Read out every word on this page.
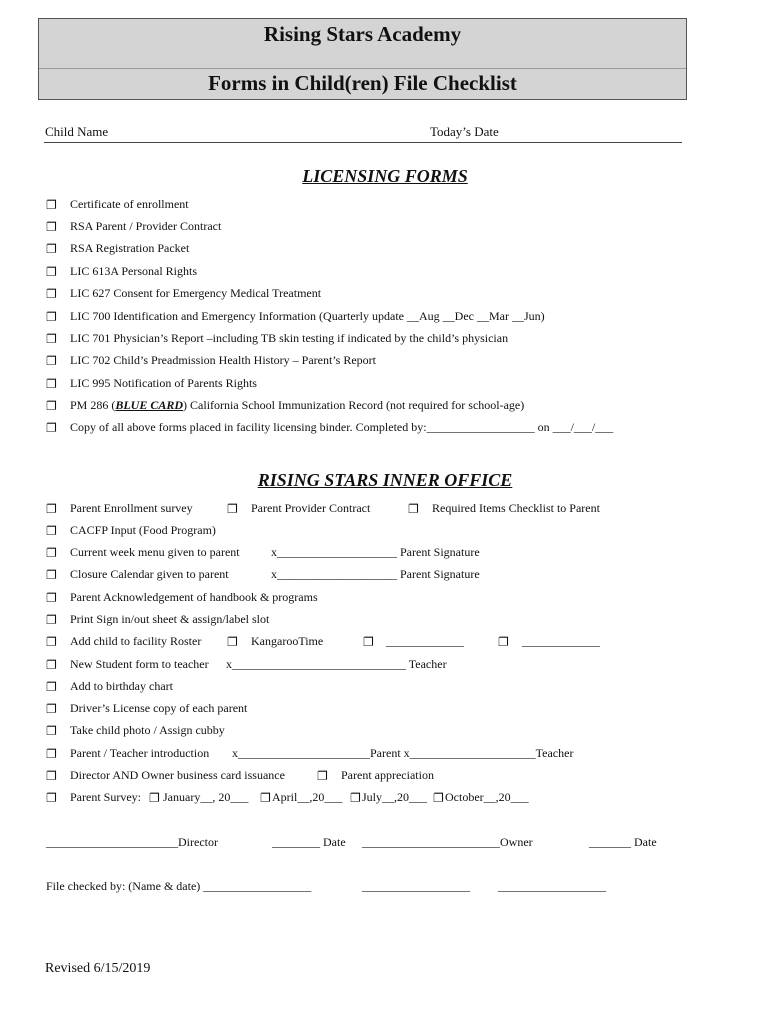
Rising Stars Academy
Forms in Child(ren) File Checklist
Child Name	Today’s Date
LICENSING FORMS
❐ Certificate of enrollment
❐ RSA Parent / Provider Contract
❐ RSA Registration Packet
❐ LIC 613A Personal Rights
❐ LIC 627 Consent for Emergency Medical Treatment
❐ LIC 700 Identification and Emergency Information (Quarterly update __Aug __Dec __Mar __Jun)
❐ LIC 701 Physician’s Report –including TB skin testing if indicated by the child’s physician
❐ LIC 702 Child’s Preadmission Health History – Parent’s Report
❐ LIC 995 Notification of Parents Rights
❐ PM 286 (BLUE CARD) California School Immunization Record (not required for school-age)
❐ Copy of all above forms placed in facility licensing binder. Completed by:__________________ on ___/___/___
RISING STARS INNER OFFICE
❐ Parent Enrollment survey	❐ Parent Provider Contract	❐ Required Items Checklist to Parent
❐ CACFP Input (Food Program)
❐ Current week menu given to parent	x____________________ Parent Signature
❐ Closure Calendar given to parent	x____________________ Parent Signature
❐ Parent Acknowledgement of handbook & programs
❐ Print Sign in/out sheet & assign/label slot
❐ Add child to facility Roster ❐ KangarooTime	❐ _____________	❐ _____________
❐ New Student form to teacher x_____________________________ Teacher
❐ Add to birthday chart
❐ Driver’s License copy of each parent
❐ Take child photo / Assign cubby
❐ Parent / Teacher introduction x______________________Parent x_____________________Teacher
❐ Director AND Owner business card issuance	❐ Parent appreciation
❐ Parent Survey: ❐ January__, 20___ ❐ April__,20___ ❐ July__,20___ ❐ October__,20___
______________________Director	________ Date _______________________Owner	_______ Date
File checked by: (Name & date) __________________	__________________ __________________
Revised 6/15/2019
